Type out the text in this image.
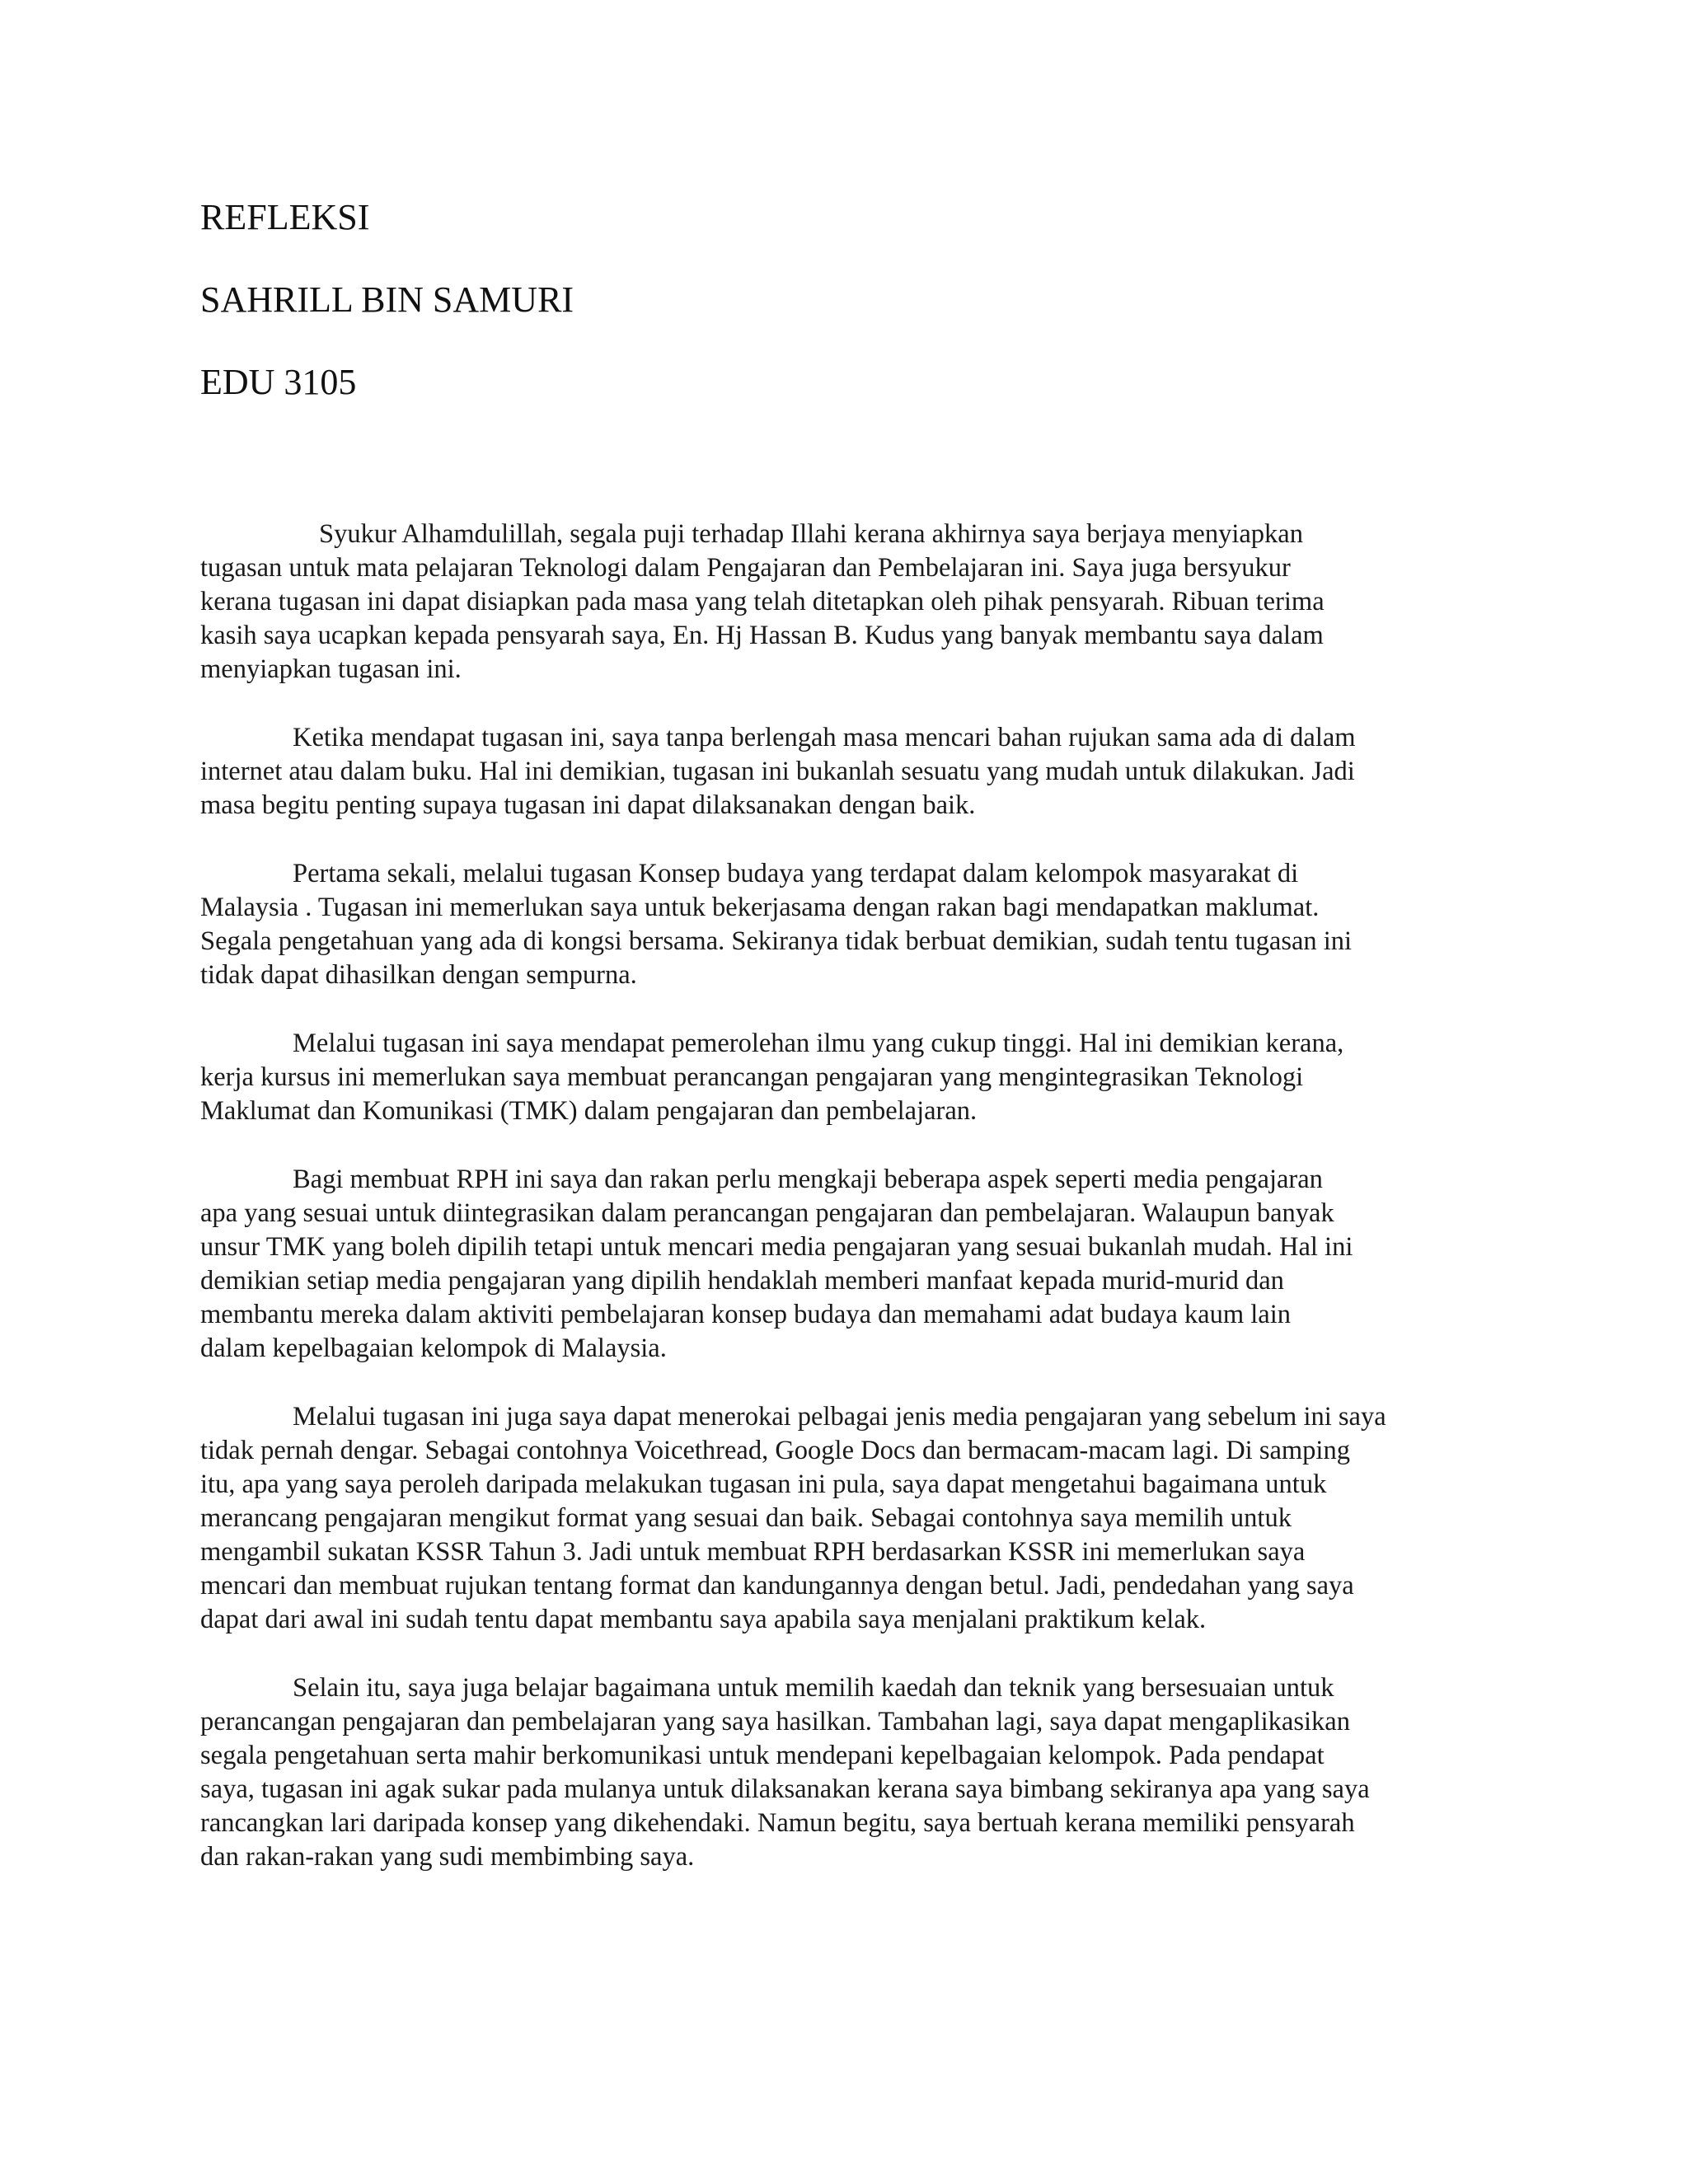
REFLEKSI
SAHRILL BIN SAMURI
EDU 3105
Syukur Alhamdulillah, segala puji terhadap Illahi kerana akhirnya saya berjaya menyiapkan
tugasan untuk mata pelajaran Teknologi dalam Pengajaran dan Pembelajaran ini. Saya juga bersyukur
kerana tugasan ini dapat disiapkan pada masa yang telah ditetapkan oleh pihak pensyarah. Ribuan terima
kasih saya ucapkan kepada pensyarah saya, En. Hj Hassan B. Kudus yang banyak membantu saya dalam
menyiapkan tugasan ini.
Ketika mendapat tugasan ini, saya tanpa berlengah masa mencari bahan rujukan sama ada di dalam
internet atau dalam buku. Hal ini demikian, tugasan ini bukanlah sesuatu yang mudah untuk dilakukan. Jadi
masa begitu penting supaya tugasan ini dapat dilaksanakan dengan baik.
Pertama sekali, melalui tugasan Konsep budaya yang terdapat dalam kelompok masyarakat di
Malaysia . Tugasan ini memerlukan saya untuk bekerjasama dengan rakan bagi mendapatkan maklumat.
Segala pengetahuan yang ada di kongsi bersama. Sekiranya tidak berbuat demikian, sudah tentu tugasan ini
tidak dapat dihasilkan dengan sempurna.
Melalui tugasan ini saya mendapat pemerolehan ilmu yang cukup tinggi. Hal ini demikian kerana,
kerja kursus ini memerlukan saya membuat perancangan pengajaran yang mengintegrasikan Teknologi
Maklumat dan Komunikasi (TMK) dalam pengajaran dan pembelajaran.
Bagi membuat RPH ini saya dan rakan perlu mengkaji beberapa aspek seperti media pengajaran
apa yang sesuai untuk diintegrasikan dalam perancangan pengajaran dan pembelajaran. Walaupun banyak
unsur TMK yang boleh dipilih tetapi untuk mencari media pengajaran yang sesuai bukanlah mudah. Hal ini
demikian setiap media pengajaran yang dipilih hendaklah memberi manfaat kepada murid-murid dan
membantu mereka dalam aktiviti pembelajaran konsep budaya dan memahami adat budaya kaum lain
dalam kepelbagaian kelompok di Malaysia.
Melalui tugasan ini juga saya dapat menerokai pelbagai jenis media pengajaran yang sebelum ini saya
tidak pernah dengar. Sebagai contohnya Voicethread, Google Docs dan bermacam-macam lagi. Di samping
itu, apa yang saya peroleh daripada melakukan tugasan ini pula, saya dapat mengetahui bagaimana untuk
merancang pengajaran mengikut format yang sesuai dan baik. Sebagai contohnya saya memilih untuk
mengambil sukatan KSSR Tahun 3. Jadi untuk membuat RPH berdasarkan KSSR ini memerlukan saya
mencari dan membuat rujukan tentang format dan kandungannya dengan betul. Jadi, pendedahan yang saya
dapat dari awal ini sudah tentu dapat membantu saya apabila saya menjalani praktikum kelak.
Selain itu, saya juga belajar bagaimana untuk memilih kaedah dan teknik yang bersesuaian untuk
perancangan pengajaran dan pembelajaran yang saya hasilkan. Tambahan lagi, saya dapat mengaplikasikan
segala pengetahuan serta mahir berkomunikasi untuk mendepani kepelbagaian kelompok. Pada pendapat
saya, tugasan ini agak sukar pada mulanya untuk dilaksanakan kerana saya bimbang sekiranya apa yang saya
rancangkan lari daripada konsep yang dikehendaki. Namun begitu, saya bertuah kerana memiliki pensyarah
dan rakan-rakan yang sudi membimbing saya.
